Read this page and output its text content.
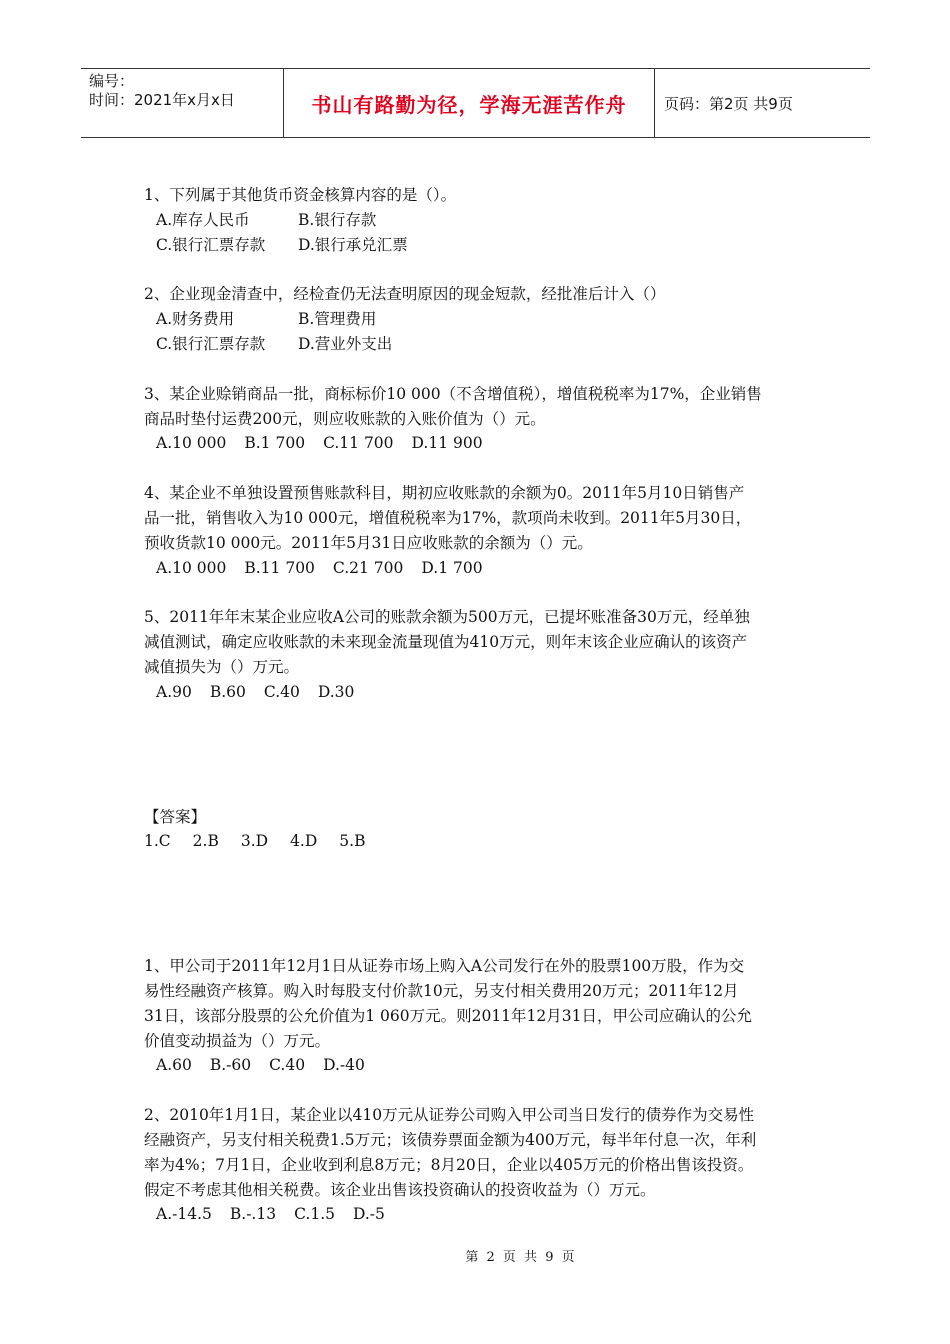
编号：
时间：2021年x月x日	书山有路勤为径，学海无涯苦作舟	页码：第2页 共9页

1、下列属于其他货币资金核算内容的是（）。

A.库存人民币	B.银行存款
C.银行汇票存款	D.银行承兑汇票

2、企业现金清查中，经检查仍无法查明原因的现金短款，经批准后计入（）

A.财务费用	B.管理费用
C.银行汇票存款	D.营业外支出

3、某企业赊销商品一批，商标标价10 000（不含增值税），增值税税率为17%，企业销售

商品时垫付运费200元，则应收账款的入账价值为（）元。

A.10 000 B.1 700 C.11 700 D.11 900

4、某企业不单独设置预售账款科目，期初应收账款的余额为0。2011年5月10日销售产

品一批，销售收入为10 000元，增值税税率为17%，款项尚未收到。2011年5月30日，

预收货款10 000元。2011年5月31日应收账款的余额为（）元。

A.10 000 B.11 700 C.21 700 D.1 700

5、2011年年末某企业应收A公司的账款余额为500万元，已提坏账准备30万元，经单独

减值测试，确定应收账款的未来现金流量现值为410万元，则年末该企业应确认的该资产

减值损失为（）万元。

A.90 B.60 C.40 D.30

【答案】

1.C 2.B 3.D 4.D 5.B

1、甲公司于2011年12月1日从证券市场上购入A公司发行在外的股票100万股，作为交

易性经融资产核算。购入时每股支付价款10元，另支付相关费用20万元；2011年12月

31日，该部分股票的公允价值为1 060万元。则2011年12月31日，甲公司应确认的公允

价值变动损益为（）万元。

A.60 B.-60 C.40 D.-40

2、2010年1月1日，某企业以410万元从证券公司购入甲公司当日发行的债券作为交易性

经融资产，另支付相关税费1.5万元；该债券票面金额为400万元，每半年付息一次，年利

率为4%；7月1日，企业收到利息8万元；8月20日，企业以405万元的价格出售该投资。

假定不考虑其他相关税费。该企业出售该投资确认的投资收益为（）万元。

A.-14.5 B.-.13 C.1.5 D.-5
第 2 页 共 9 页
